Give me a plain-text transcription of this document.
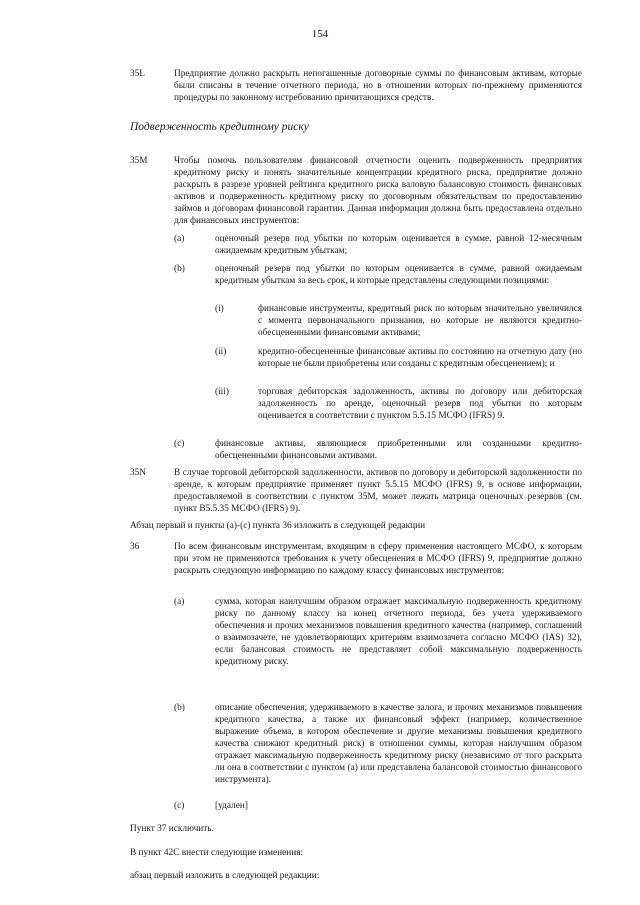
154
35L	Предприятие должно раскрыть непогашенные договорные суммы по финансовым активам, которые были списаны в течение отчетного периода, но в отношении которых по-прежнему применяются процедуры по законному истребованию причитающихся средств.

Подверженность кредитному риску
35M	Чтобы помочь пользователям финансовой отчетности оценить подверженность предприятия кредитному риску и понять значительные концентрации кредитного риска, предприятие должно раскрыть в разрезе уровней рейтинга кредитного риска валовую балансовую стоимость финансовых активов и подверженность кредитному риску по договорным обязательствам по предоставлению займов и договорам финансовой гарантии. Данная информация должна быть предоставлена отдельно для финансовых инструментов:

(a)	оценочный резерв под убытки по которым оценивается в сумме, равной 12-месячным ожидаемым кредитным убыткам;

(b)	оценочный резерв под убытки по которым оценивается в сумме, равной ожидаемым кредитным убыткам за весь срок, и которые представлены следующими позициями:

(i)	финансовые инструменты, кредитный риск по которым значительно увеличился с момента первоначального признания, но которые не являются кредитно-обесцененными финансовыми активами;

(ii)	кредитно-обесцененные финансовые активы по состоянию на отчетную дату (но которые не были приобретены или созданы с кредитным обесценением); и

(iii)	торговая дебиторская задолженность, активы по договору или дебиторская задолженность по аренде, оценочный резерв под убытки по которым оценивается в соответствии с пунктом 5.5.15 МСФО (IFRS) 9.

(c)	финансовые активы, являющиеся приобретенными или созданными кредитно-обесцененными финансовыми активами.

35N	В случае торговой дебиторской задолженности, активов по договору и дебиторской задолженности по аренде, к которым предприятие применяет пункт 5.5.15 МСФО (IFRS) 9, в основе информации, предоставляемой в соответствии с пунктом 35M, может лежать матрица оценочных резервов (см. пункт B5.5.35 МСФО (IFRS) 9).

Абзац первый и пункты (a)-(c) пункта 36 изложить в следующей редакции
36	По всем финансовым инструментам, входящим в сферу применения настоящего МСФО, к которым при этом не применяются требования к учету обесценения в МСФО (IFRS) 9, предприятие должно раскрыть следующую информацию по каждому классу финансовых инструментов:

(a)	сумма, которая наилучшим образом отражает максимальную подверженность кредитному риску по данному классу на конец отчетного периода, без учета удерживаемого обеспечения и прочих механизмов повышения кредитного качества (например, соглашений о взаимозачете, не удовлетворяющих критериям взаимозачета согласно МСФО (IAS) 32), если балансовая стоимость не представляет собой максимальную подверженность кредитному риску.

(b)	описание обеспечения, удерживаемого в качестве залога, и прочих механизмов повышения кредитного качества, а также их финансовый эффект (например, количественное выражение объема, в котором обеспечение и другие механизмы повышения кредитного качества снижают кредитный риск) в отношении суммы, которая наилучшим образом отражает максимальную подверженность кредитному риску (независимо от того раскрыта ли она в соответствии с пунктом (a) или представлена балансовой стоимостью финансового инструмента).

(c)	[удален]

Пункт 37 исключить.
В пункт 42C внести следующие изменения:
абзац первый изложить в следующей редакции:
